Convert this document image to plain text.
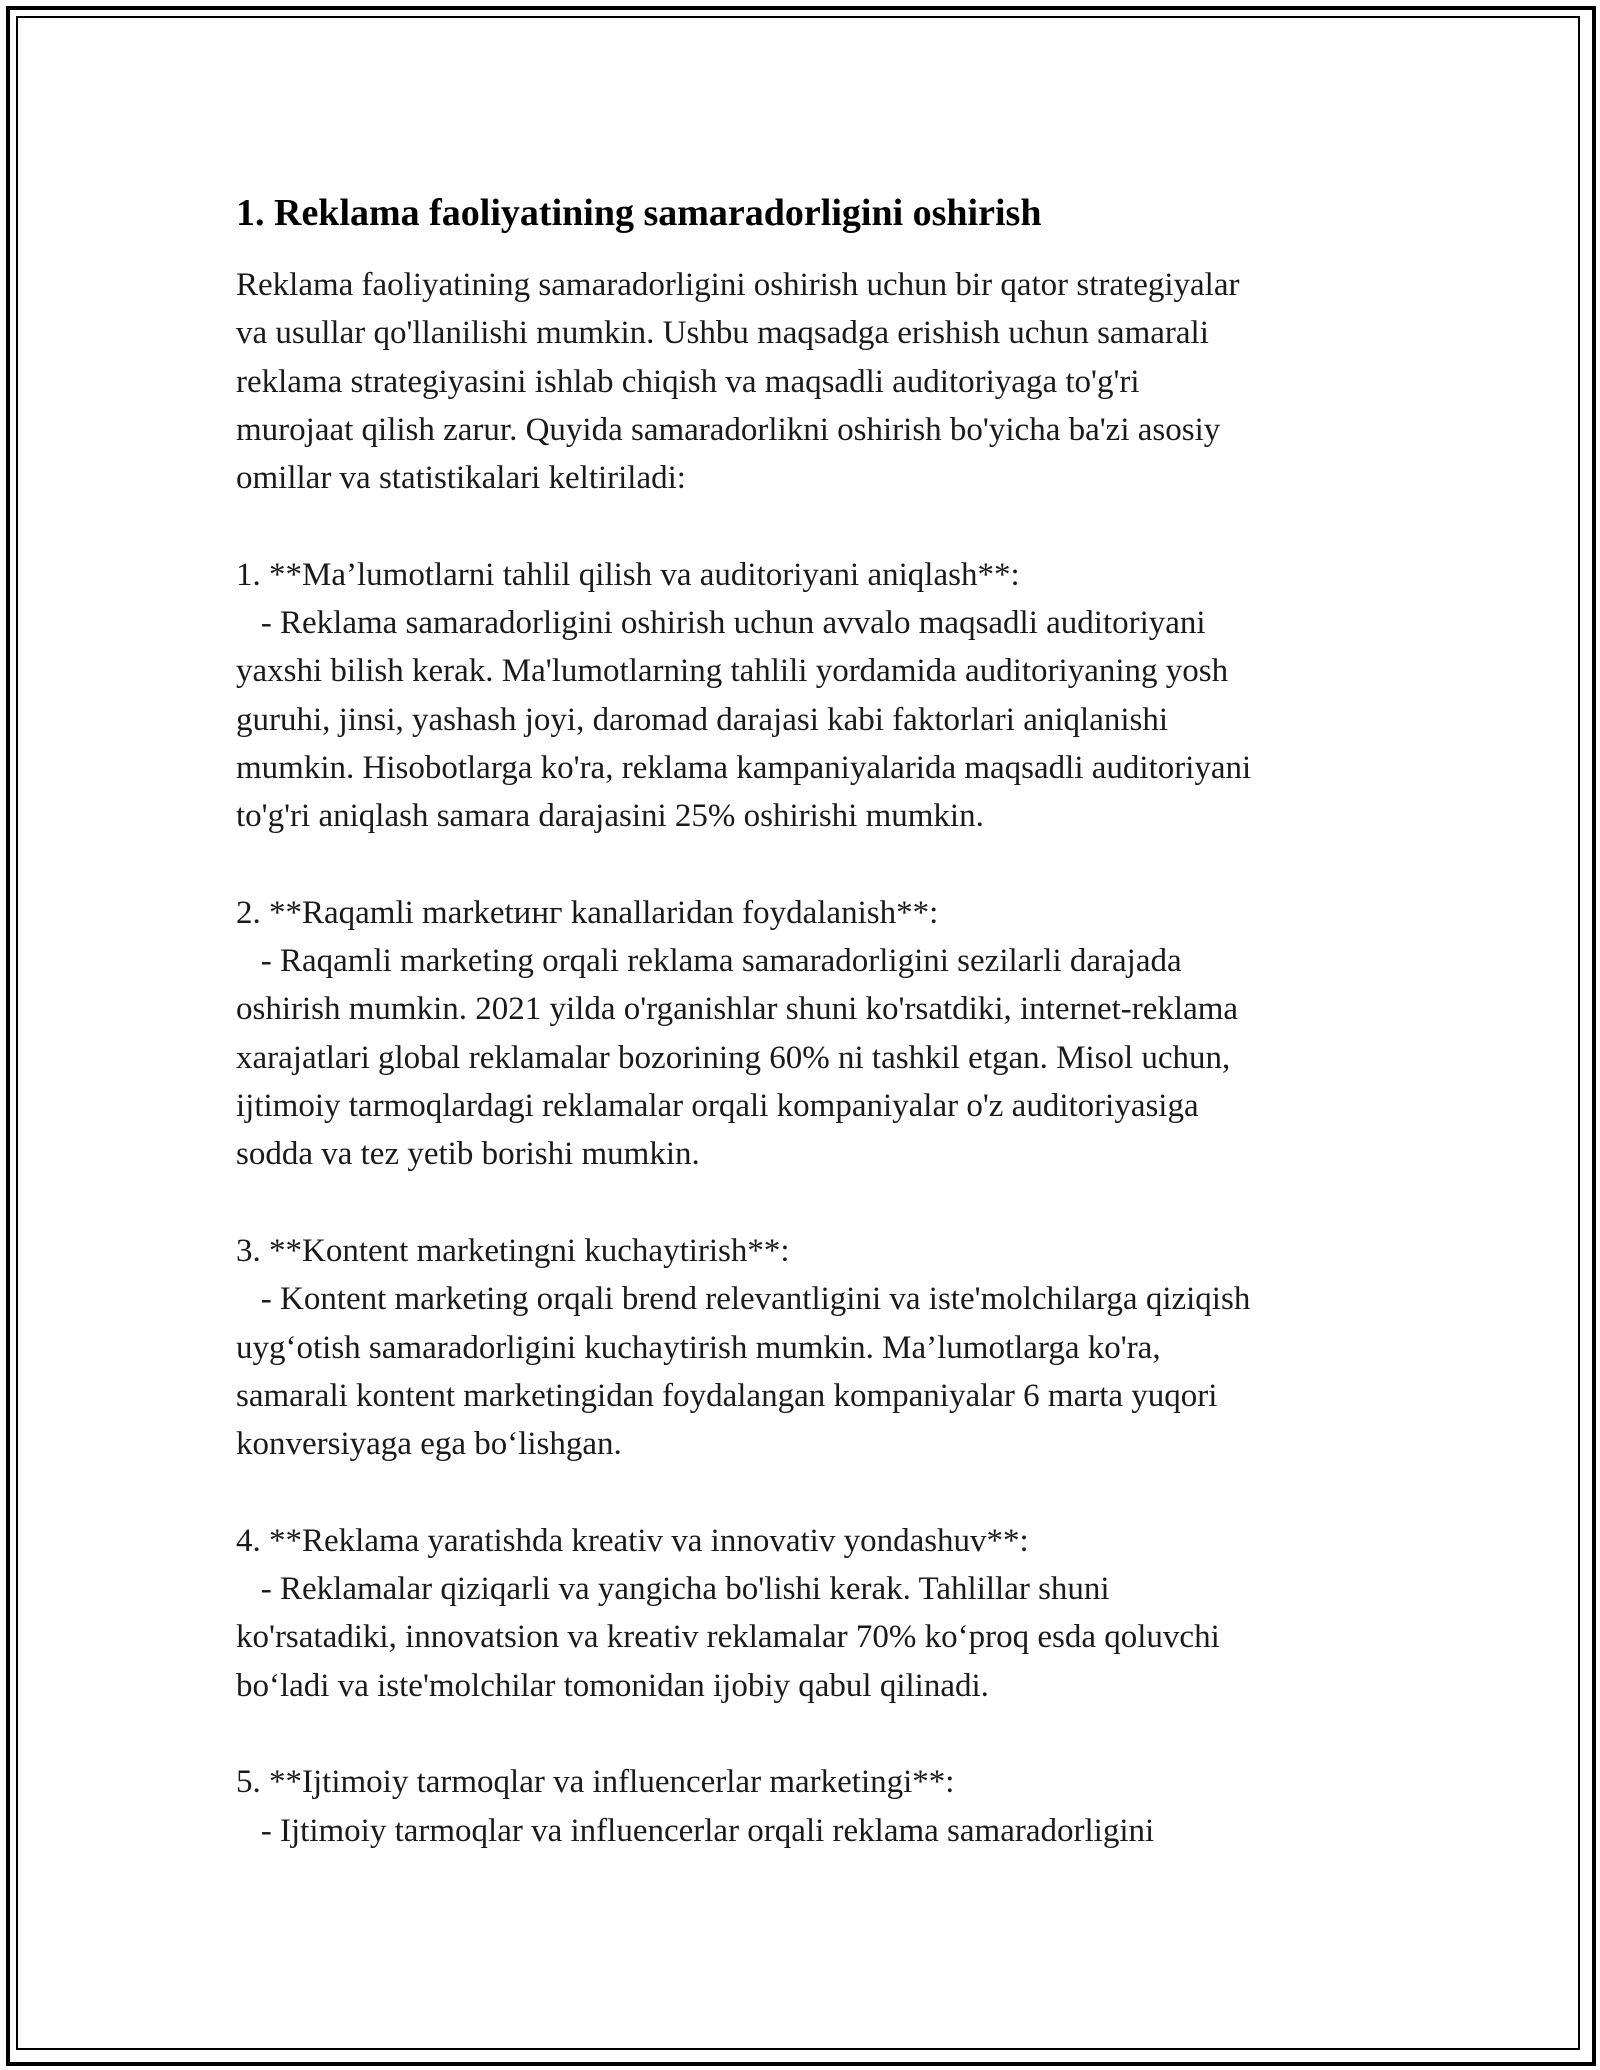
1. Reklama faoliyatining samaradorligini oshirish

Reklama faoliyatining samaradorligini oshirish uchun bir qator strategiyalar
va usullar qo'llanilishi mumkin. Ushbu maqsadga erishish uchun samarali
reklama strategiyasini ishlab chiqish va maqsadli auditoriyaga to'g'ri
murojaat qilish zarur. Quyida samaradorlikni oshirish bo'yicha ba'zi asosiy
omillar va statistikalari keltiriladi:

1. **Ma’lumotlarni tahlil qilish va auditoriyani aniqlash**:
- Reklama samaradorligini oshirish uchun avvalo maqsadli auditoriyani
yaxshi bilish kerak. Ma'lumotlarning tahlili yordamida auditoriyaning yosh
guruhi, jinsi, yashash joyi, daromad darajasi kabi faktorlari aniqlanishi
mumkin. Hisobotlarga ko'ra, reklama kampaniyalarida maqsadli auditoriyani
to'g'ri aniqlash samara darajasini 25% oshirishi mumkin.

2. **Raqamli marketинг kanallaridan foydalanish**:
- Raqamli marketing orqali reklama samaradorligini sezilarli darajada
oshirish mumkin. 2021 yilda o'rganishlar shuni ko'rsatdiki, internet-reklama
xarajatlari global reklamalar bozorining 60% ni tashkil etgan. Misol uchun,
ijtimoiy tarmoqlardagi reklamalar orqali kompaniyalar o'z auditoriyasiga
sodda va tez yetib borishi mumkin.

3. **Kontent marketingni kuchaytirish**:
- Kontent marketing orqali brend relevantligini va iste'molchilarga qiziqish
uyg‘otish samaradorligini kuchaytirish mumkin. Ma’lumotlarga ko'ra,
samarali kontent marketingidan foydalangan kompaniyalar 6 marta yuqori
konversiyaga ega bo‘lishgan.

4. **Reklama yaratishda kreativ va innovativ yondashuv**:
- Reklamalar qiziqarli va yangicha bo'lishi kerak. Tahlillar shuni
ko'rsatadiki, innovatsion va kreativ reklamalar 70% ko‘proq esda qoluvchi
bo‘ladi va iste'molchilar tomonidan ijobiy qabul qilinadi.

5. **Ijtimoiy tarmoqlar va influencerlar marketingi**:
- Ijtimoiy tarmoqlar va influencerlar orqali reklama samaradorligini
